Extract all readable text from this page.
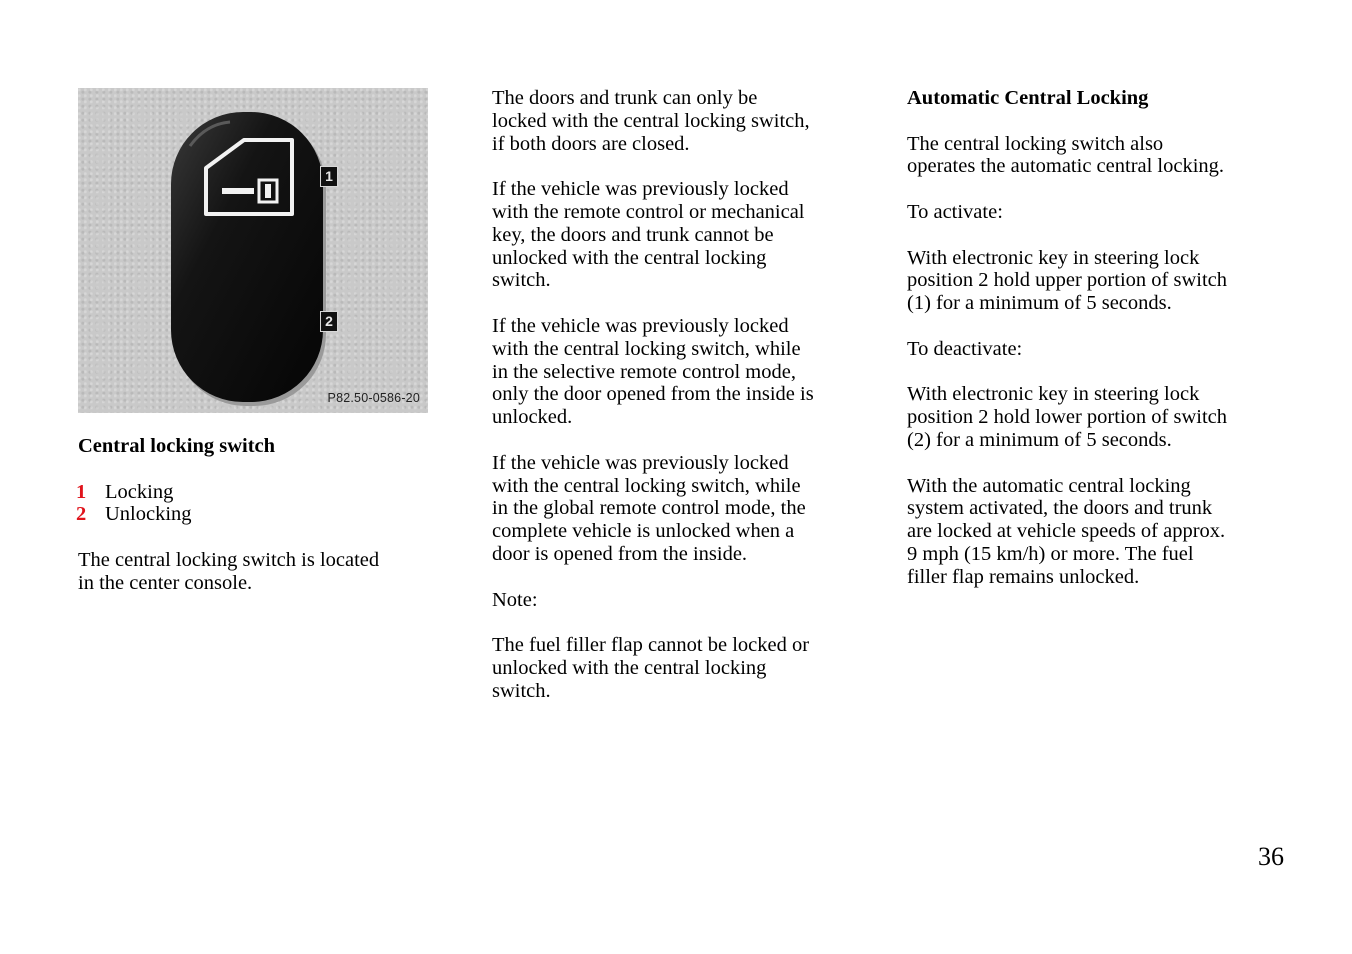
1
2
P82.50-0586-20

Central locking switch

1 Locking
2 Unlocking

The central locking switch is located
in the center console.

The doors and trunk can only be
locked with the central locking switch,
if both doors are closed.

If the vehicle was previously locked
with the remote control or mechanical
key, the doors and trunk cannot be
unlocked with the central locking
switch.

If the vehicle was previously locked
with the central locking switch, while
in the selective remote control mode,
only the door opened from the inside is
unlocked.

If the vehicle was previously locked
with the central locking switch, while
in the global remote control mode, the
complete vehicle is unlocked when a
door is opened from the inside.

Note:

The fuel filler flap cannot be locked or
unlocked with the central locking
switch.

Automatic Central Locking

The central locking switch also
operates the automatic central locking.

To activate:

With electronic key in steering lock
position 2 hold upper portion of switch
(1) for a minimum of 5 seconds.

To deactivate:

With electronic key in steering lock
position 2 hold lower portion of switch
(2) for a minimum of 5 seconds.

With the automatic central locking
system activated, the doors and trunk
are locked at vehicle speeds of approx.
9 mph (15 km/h) or more. The fuel
filler flap remains unlocked.

36
